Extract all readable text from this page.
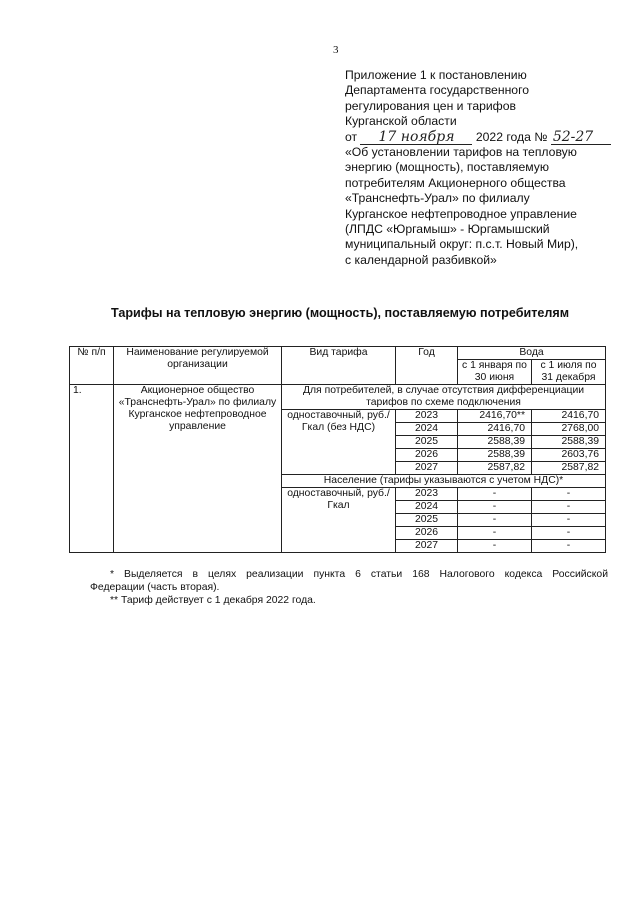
3
Приложение 1 к постановлению
Департамента государственного
регулирования цен и тарифов
Курганской области
от 17 ноября 2022 года № 52-27
«Об установлении тарифов на тепловую
энергию (мощность), поставляемую
потребителям Акционерного общества
«Транснефть-Урал» по филиалу
Курганское нефтепроводное управление
(ЛПДС «Юргамыш» - Юргамышский
муниципальный округ: п.с.т. Новый Мир),
с календарной разбивкой»
Тарифы на тепловую энергию (мощность), поставляемую потребителям
№ п/п	Наименование регулируемой организации	Вид тарифа	Год	Вода	
				с 1 января по 30 июня	с 1 июля по 31 декабря
1.	Акционерное общество «Транснефть-Урал» по филиалу Курганское нефтепроводное управление	Для потребителей, в случае отсутствия дифференциации тарифов по схеме подключения			
		одноставочный, руб./Гкал (без НДС)	2023	2416,70**	2416,70
			2024	2416,70	2768,00
			2025	2588,39	2588,39
			2026	2588,39	2603,76
			2027	2587,82	2587,82
		Население (тарифы указываются с учетом НДС)*			
		одноставочный, руб./Гкал	2023	-	-
			2024	-	-
			2025	-	-
			2026	-	-
			2027	-	-

* Выделяется в целях реализации пункта 6 статьи 168 Налогового кодекса Российской

Федерации (часть вторая).

** Тариф действует с 1 декабря 2022 года.
